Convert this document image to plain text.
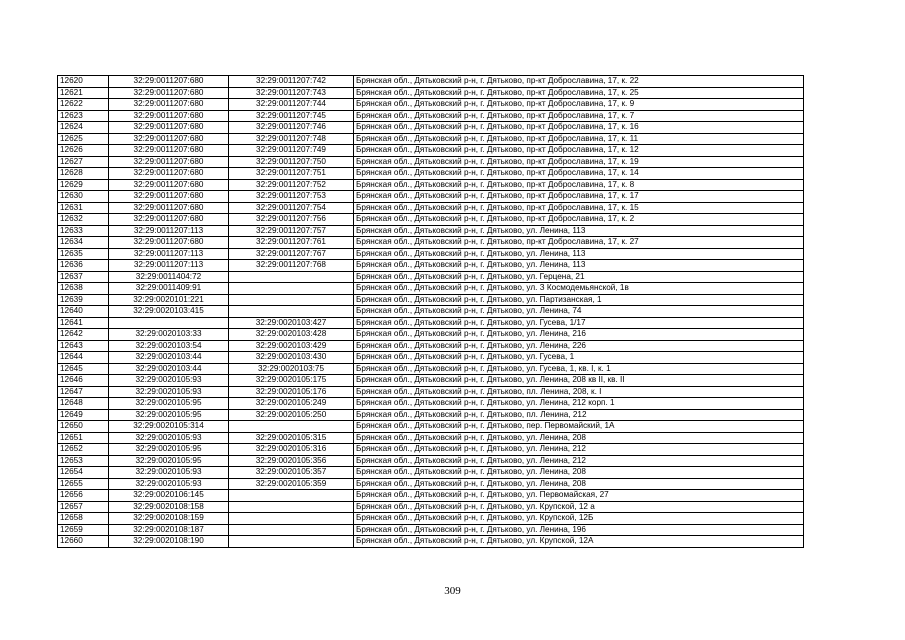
12620	32:29:0011207:680	32:29:0011207:742	Брянская обл., Дятьковский р-н, г. Дятьково, пр-кт Доброславина, 17, к. 22
12621	32:29:0011207:680	32:29:0011207:743	Брянская обл., Дятьковский р-н, г. Дятьково, пр-кт Доброславина, 17, к. 25
12622	32:29:0011207:680	32:29:0011207:744	Брянская обл., Дятьковский р-н, г. Дятьково, пр-кт Доброславина, 17, к. 9
12623	32:29:0011207:680	32:29:0011207:745	Брянская обл., Дятьковский р-н, г. Дятьково, пр-кт Доброславина, 17, к. 7
12624	32:29:0011207:680	32:29:0011207:746	Брянская обл., Дятьковский р-н, г. Дятьково, пр-кт Доброславина, 17, к. 16
12625	32:29:0011207:680	32:29:0011207:748	Брянская обл., Дятьковский р-н, г. Дятьково, пр-кт Доброславина, 17, к. 11
12626	32:29:0011207:680	32:29:0011207:749	Брянская обл., Дятьковский р-н, г. Дятьково, пр-кт Доброславина, 17, к. 12
12627	32:29:0011207:680	32:29:0011207:750	Брянская обл., Дятьковский р-н, г. Дятьково, пр-кт Доброславина, 17, к. 19
12628	32:29:0011207:680	32:29:0011207:751	Брянская обл., Дятьковский р-н, г. Дятьково, пр-кт Доброславина, 17, к. 14
12629	32:29:0011207:680	32:29:0011207:752	Брянская обл., Дятьковский р-н, г. Дятьково, пр-кт Доброславина, 17, к. 8
12630	32:29:0011207:680	32:29:0011207:753	Брянская обл., Дятьковский р-н, г. Дятьково, пр-кт Доброславина, 17, к. 17
12631	32:29:0011207:680	32:29:0011207:754	Брянская обл., Дятьковский р-н, г. Дятьково, пр-кт Доброславина, 17, к. 15
12632	32:29:0011207:680	32:29:0011207:756	Брянская обл., Дятьковский р-н, г. Дятьково, пр-кт Доброславина, 17, к. 2
12633	32:29:0011207:113	32:29:0011207:757	Брянская обл., Дятьковский р-н, г. Дятьково, ул. Ленина, 113
12634	32:29:0011207:680	32:29:0011207:761	Брянская обл., Дятьковский р-н, г. Дятьково, пр-кт Доброславина, 17, к. 27
12635	32:29:0011207:113	32:29:0011207:767	Брянская обл., Дятьковский р-н, г. Дятьково, ул. Ленина, 113
12636	32:29:0011207:113	32:29:0011207:768	Брянская обл., Дятьковский р-н, г. Дятьково, ул. Ленина, 113
12637	32:29:0011404:72		Брянская обл., Дятьковский р-н, г. Дятьково, ул. Герцена, 21
12638	32:29:0011409:91		Брянская обл., Дятьковский р-н, г. Дятьково, ул. З Космодемьянской, 1в
12639	32:29:0020101:221		Брянская обл., Дятьковский р-н, г. Дятьково, ул. Партизанская, 1
12640	32:29:0020103:415		Брянская обл., Дятьковский р-н, г. Дятьково, ул. Ленина, 74
12641		32:29:0020103:427	Брянская обл., Дятьковский р-н, г. Дятьково, ул. Гусева, 1/17
12642	32:29:0020103:33	32:29:0020103:428	Брянская обл., Дятьковский р-н, г. Дятьково, ул. Ленина, 216
12643	32:29:0020103:54	32:29:0020103:429	Брянская обл., Дятьковский р-н, г. Дятьково, ул. Ленина, 226
12644	32:29:0020103:44	32:29:0020103:430	Брянская обл., Дятьковский р-н, г. Дятьково, ул. Гусева, 1
12645	32:29:0020103:44	32:29:0020103:75	Брянская обл., Дятьковский р-н, г. Дятьково, ул. Гусева, 1, кв. I, к. 1
12646	32:29:0020105:93	32:29:0020105:175	Брянская обл., Дятьковский р-н, г. Дятьково, ул. Ленина, 208 кв II, кв. II
12647	32:29:0020105:93	32:29:0020105:176	Брянская обл., Дятьковский р-н, г. Дятьково, пл. Ленина, 208, к. I
12648	32:29:0020105:95	32:29:0020105:249	Брянская обл., Дятьковский р-н, г. Дятьково, ул. Ленина, 212 корп. 1
12649	32:29:0020105:95	32:29:0020105:250	Брянская обл., Дятьковский р-н, г. Дятьково, пл. Ленина, 212
12650	32:29:0020105:314		Брянская обл., Дятьковский р-н, г. Дятьково, пер. Первомайский, 1А
12651	32:29:0020105:93	32:29:0020105:315	Брянская обл., Дятьковский р-н, г. Дятьково, ул. Ленина, 208
12652	32:29:0020105:95	32:29:0020105:316	Брянская обл., Дятьковский р-н, г. Дятьково, ул. Ленина, 212
12653	32:29:0020105:95	32:29:0020105:356	Брянская обл., Дятьковский р-н, г. Дятьково, ул. Ленина, 212
12654	32:29:0020105:93	32:29:0020105:357	Брянская обл., Дятьковский р-н, г. Дятьково, ул. Ленина, 208
12655	32:29:0020105:93	32:29:0020105:359	Брянская обл., Дятьковский р-н, г. Дятьково, ул. Ленина, 208
12656	32:29:0020106:145		Брянская обл., Дятьковский р-н, г. Дятьково, ул. Первомайская, 27
12657	32:29:0020108:158		Брянская обл., Дятьковский р-н, г. Дятьково, ул. Крупской, 12 а
12658	32:29:0020108:159		Брянская обл., Дятьковский р-н, г. Дятьково, ул. Крупской, 12Б
12659	32:29:0020108:187		Брянская обл., Дятьковский р-н, г. Дятьково, ул. Ленина, 196
12660	32:29:0020108:190		Брянская обл., Дятьковский р-н, г. Дятьково, ул. Крупской, 12А
309
